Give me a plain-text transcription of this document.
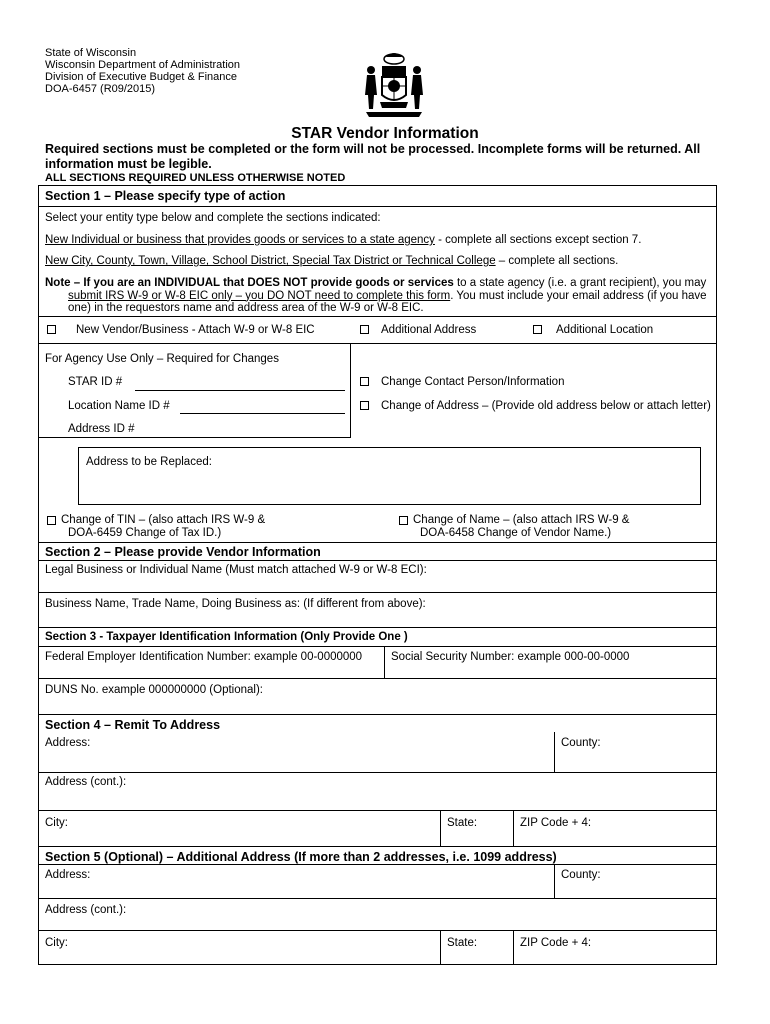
State of Wisconsin
Wisconsin Department of Administration
Division of Executive Budget & Finance
DOA-6457 (R09/2015)
STAR Vendor Information
Required sections must be completed or the form will not be processed. Incomplete forms will be returned. All
information must be legible.
ALL SECTIONS REQUIRED UNLESS OTHERWISE NOTED
Section 1 – Please specify type of action
Select your entity type below and complete the sections indicated:
New Individual or business that provides goods or services to a state agency - complete all sections except section 7.
New City, County, Town, Village, School District, Special Tax District or Technical College – complete all sections.
Note – If you are an INDIVIDUAL that DOES NOT provide goods or services to a state agency (i.e. a grant recipient), you may
submit IRS W-9 or W-8 EIC only – you DO NOT need to complete this form. You must include your email address (if you have
one) in the requestors name and address area of the W-9 or W-8 EIC.
New Vendor/Business - Attach W-9 or W-8 EIC	Additional Address	Additional Location
For Agency Use Only – Required for Changes
STAR ID #
Location Name ID #
Address ID #
Change Contact Person/Information
Change of Address – (Provide old address below or attach letter)
Address to be Replaced:
Change of TIN – (also attach IRS W-9 &
DOA-6459 Change of Tax ID.)
Change of Name – (also attach IRS W-9 &
DOA-6458 Change of Vendor Name.)
Section 2 – Please provide Vendor Information
Legal Business or Individual Name (Must match attached W-9 or W-8 ECI):
Business Name, Trade Name, Doing Business as: (If different from above):
Section 3 - Taxpayer Identification Information (Only Provide One )
Federal Employer Identification Number: example 00-0000000	Social Security Number: example 000-00-0000
DUNS No. example 000000000 (Optional):
Section 4 – Remit To Address
Address:	County:
Address (cont.):
City:	State:	ZIP Code + 4:
Section 5 (Optional) – Additional Address (If more than 2 addresses, i.e. 1099 address)
Address:	County:
Address (cont.):
City:	State:	ZIP Code + 4:
